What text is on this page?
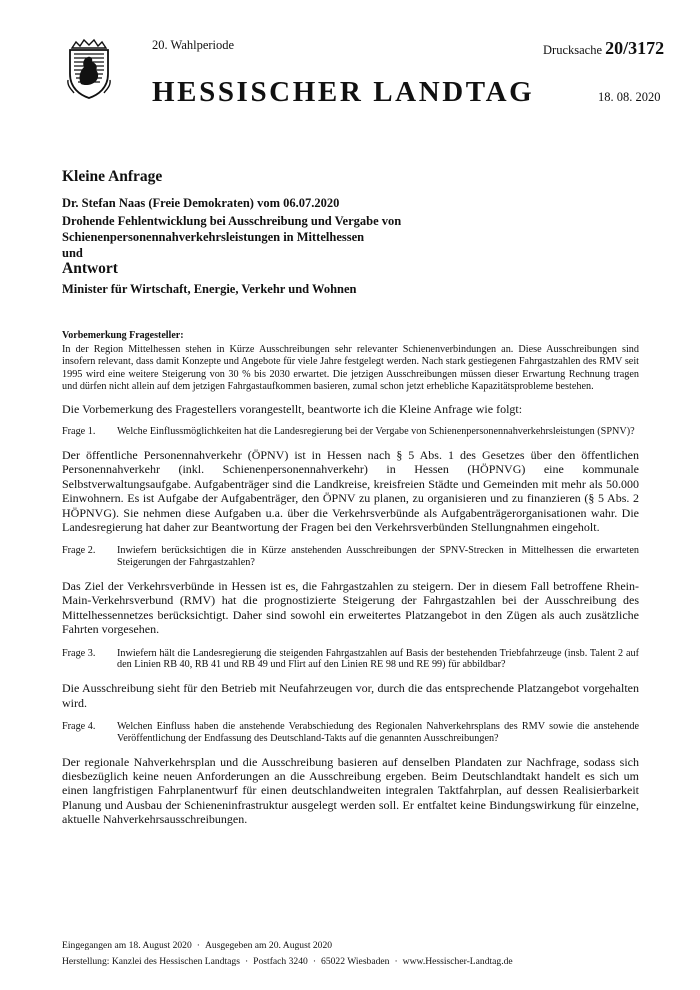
20. Wahlperiode	Drucksache 20/3172
HESSISCHER LANDTAG	18. 08. 2020
Kleine Anfrage
Dr. Stefan Naas (Freie Demokraten) vom 06.07.2020
Drohende Fehlentwicklung bei Ausschreibung und Vergabe von
Schienenpersonennahverkehrsleistungen in Mittelhessen
und
Antwort
Minister für Wirtschaft, Energie, Verkehr und Wohnen
Vorbemerkung Fragesteller:

In der Region Mittelhessen stehen in Kürze Ausschreibungen sehr relevanter Schienenverbindungen an. Diese Ausschreibungen sind insofern relevant, dass damit Konzepte und Angebote für viele Jahre festgelegt werden. Nach stark gestiegenen Fahrgastzahlen des RMV seit 1995 wird eine weitere Steigerung von 30 % bis 2030 erwartet. Die jetzigen Ausschreibungen müssen dieser Erwartung Rechnung tragen und dürfen nicht allein auf dem jetzigen Fahrgastaufkommen basieren, zumal schon jetzt erhebliche Kapazitätsprobleme bestehen.

Die Vorbemerkung des Fragestellers vorangestellt, beantworte ich die Kleine Anfrage wie folgt:

Frage 1.	Welche Einflussmöglichkeiten hat die Landesregierung bei der Vergabe von Schienenpersonennahverkehrsleistungen (SPNV)?

Der öffentliche Personennahverkehr (ÖPNV) ist in Hessen nach § 5 Abs. 1 des Gesetzes über den öffentlichen Personennahverkehr (inkl. Schienenpersonennahverkehr) in Hessen (HÖPNVG) eine kommunale Selbstverwaltungsaufgabe. Aufgabenträger sind die Landkreise, kreisfreien Städte und Gemeinden mit mehr als 50.000 Einwohnern. Es ist Aufgabe der Aufgabenträger, den ÖPNV zu planen, zu organisieren und zu finanzieren (§ 5 Abs. 2 HÖPNVG). Sie nehmen diese Aufgaben u.a. über die Verkehrsverbünde als Aufgabenträgerorganisationen wahr. Die Landesregierung hat daher zur Beantwortung der Fragen bei den Verkehrsverbünden Stellungnahmen eingeholt.

Frage 2.	Inwiefern berücksichtigen die in Kürze anstehenden Ausschreibungen der SPNV-Strecken in Mittelhessen die erwarteten Steigerungen der Fahrgastzahlen?

Das Ziel der Verkehrsverbünde in Hessen ist es, die Fahrgastzahlen zu steigern. Der in diesem Fall betroffene Rhein-Main-Verkehrsverbund (RMV) hat die prognostizierte Steigerung der Fahrgastzahlen bei der Ausschreibung des Mittelhessennetzes berücksichtigt. Daher sind sowohl ein erweitertes Platzangebot in den Zügen als auch zusätzliche Fahrten vorgesehen.

Frage 3.	Inwiefern hält die Landesregierung die steigenden Fahrgastzahlen auf Basis der bestehenden Triebfahrzeuge (insb. Talent 2 auf den Linien RB 40, RB 41 und RB 49 und Flirt auf den Linien RE 98 und RE 99) für abbildbar?

Die Ausschreibung sieht für den Betrieb mit Neufahrzeugen vor, durch die das entsprechende Platzangebot vorgehalten wird.

Frage 4.	Welchen Einfluss haben die anstehende Verabschiedung des Regionalen Nahverkehrsplans des RMV sowie die anstehende Veröffentlichung der Endfassung des Deutschland-Takts auf die genannten Ausschreibungen?

Der regionale Nahverkehrsplan und die Ausschreibung basieren auf denselben Plandaten zur Nachfrage, sodass sich diesbezüglich keine neuen Anforderungen an die Ausschreibung ergeben. Beim Deutschlandtakt handelt es sich um einen langfristigen Fahrplanentwurf für einen deutschlandweiten integralen Taktfahrplan, auf dessen Realisierbarkeit Planung und Ausbau der Schieneninfrastruktur ausgelegt werden soll. Er entfaltet keine Bindungswirkung für einzelne, aktuelle Nahverkehrsausschreibungen.

Eingegangen am 18. August 2020 · Ausgegeben am 20. August 2020
Herstellung: Kanzlei des Hessischen Landtags · Postfach 3240 · 65022 Wiesbaden · www.Hessischer-Landtag.de
